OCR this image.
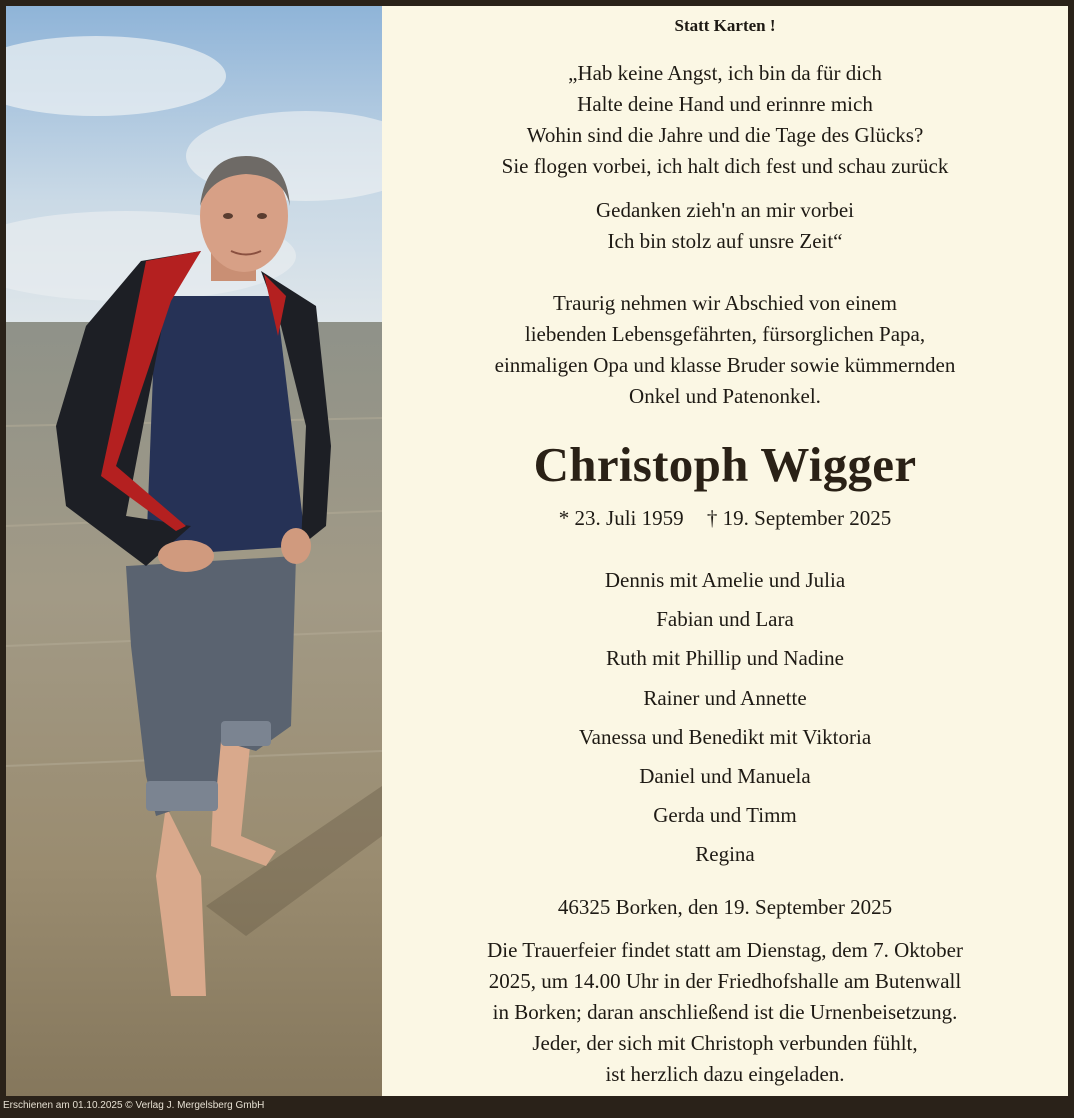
Statt Karten !
„Hab keine Angst, ich bin da für dich
Halte deine Hand und erinnre mich
Wohin sind die Jahre und die Tage des Glücks?
Sie flogen vorbei, ich halt dich fest und schau zurück
Gedanken zieh'n an mir vorbei
Ich bin stolz auf unsre Zeit“
Traurig nehmen wir Abschied von einem
liebenden Lebensgefährten, fürsorglichen Papa,
einmaligen Opa und klasse Bruder sowie kümmernden
Onkel und Patenonkel.
Christoph Wigger
* 23. Juli 1959 † 19. September 2025
Dennis mit Amelie und Julia
Fabian und Lara
Ruth mit Phillip und Nadine
Rainer und Annette
Vanessa und Benedikt mit Viktoria
Daniel und Manuela
Gerda und Timm
Regina
46325 Borken, den 19. September 2025
Die Trauerfeier findet statt am Dienstag, dem 7. Oktober
2025, um 14.00 Uhr in der Friedhofshalle am Butenwall
in Borken; daran anschließend ist die Urnenbeisetzung.
Jeder, der sich mit Christoph verbunden fühlt,
ist herzlich dazu eingeladen.
Erschienen am 01.10.2025 © Verlag J. Mergelsberg GmbH
